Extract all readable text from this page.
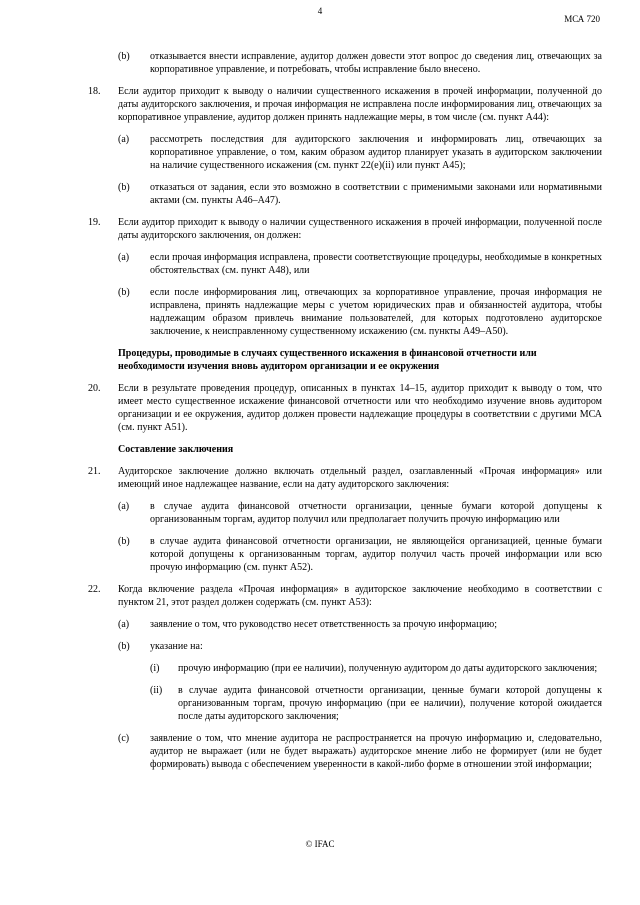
4
МСА 720
(b) отказывается внести исправление, аудитор должен довести этот вопрос до сведения лиц, отвечающих за корпоративное управление, и потребовать, чтобы исправление было внесено.
18. Если аудитор приходит к выводу о наличии существенного искажения в прочей информации, полученной до даты аудиторского заключения, и прочая информация не исправлена после информирования лиц, отвечающих за корпоративное управление, аудитор должен принять надлежащие меры, в том числе (см. пункт A44):
(a) рассмотреть последствия для аудиторского заключения и информировать лиц, отвечающих за корпоративное управление, о том, каким образом аудитор планирует указать в аудиторском заключении на наличие существенного искажения (см. пункт 22(e)(ii) или пункт A45);
(b) отказаться от задания, если это возможно в соответствии с применимыми законами или нормативными актами (см. пункты A46–A47).
19. Если аудитор приходит к выводу о наличии существенного искажения в прочей информации, полученной после даты аудиторского заключения, он должен:
(a) если прочая информация исправлена, провести соответствующие процедуры, необходимые в конкретных обстоятельствах (см. пункт A48), или
(b) если после информирования лиц, отвечающих за корпоративное управление, прочая информация не исправлена, принять надлежащие меры с учетом юридических прав и обязанностей аудитора, чтобы надлежащим образом привлечь внимание пользователей, для которых подготовлено аудиторское заключение, к неисправленному существенному искажению (см. пункты A49–A50).
Процедуры, проводимые в случаях существенного искажения в финансовой отчетности или необходимости изучения вновь аудитором организации и ее окружения
20. Если в результате проведения процедур, описанных в пунктах 14–15, аудитор приходит к выводу о том, что имеет место существенное искажение финансовой отчетности или что необходимо изучение вновь аудитором организации и ее окружения, аудитор должен провести надлежащие процедуры в соответствии с другими МСА (см. пункт A51).
Составление заключения
21. Аудиторское заключение должно включать отдельный раздел, озаглавленный «Прочая информация» или имеющий иное надлежащее название, если на дату аудиторского заключения:
(a) в случае аудита финансовой отчетности организации, ценные бумаги которой допущены к организованным торгам, аудитор получил или предполагает получить прочую информацию или
(b) в случае аудита финансовой отчетности организации, не являющейся организацией, ценные бумаги которой допущены к организованным торгам, аудитор получил часть прочей информации или всю прочую информацию (см. пункт A52).
22. Когда включение раздела «Прочая информация» в аудиторское заключение необходимо в соответствии с пунктом 21, этот раздел должен содержать (см. пункт A53):
(a) заявление о том, что руководство несет ответственность за прочую информацию;
(b) указание на:
(i) прочую информацию (при ее наличии), полученную аудитором до даты аудиторского заключения;
(ii) в случае аудита финансовой отчетности организации, ценные бумаги которой допущены к организованным торгам, прочую информацию (при ее наличии), получение которой ожидается после даты аудиторского заключения;
(c) заявление о том, что мнение аудитора не распространяется на прочую информацию и, следовательно, аудитор не выражает (или не будет выражать) аудиторское мнение либо не формирует (или не будет формировать) вывода с обеспечением уверенности в какой-либо форме в отношении этой информации;
© IFAC
